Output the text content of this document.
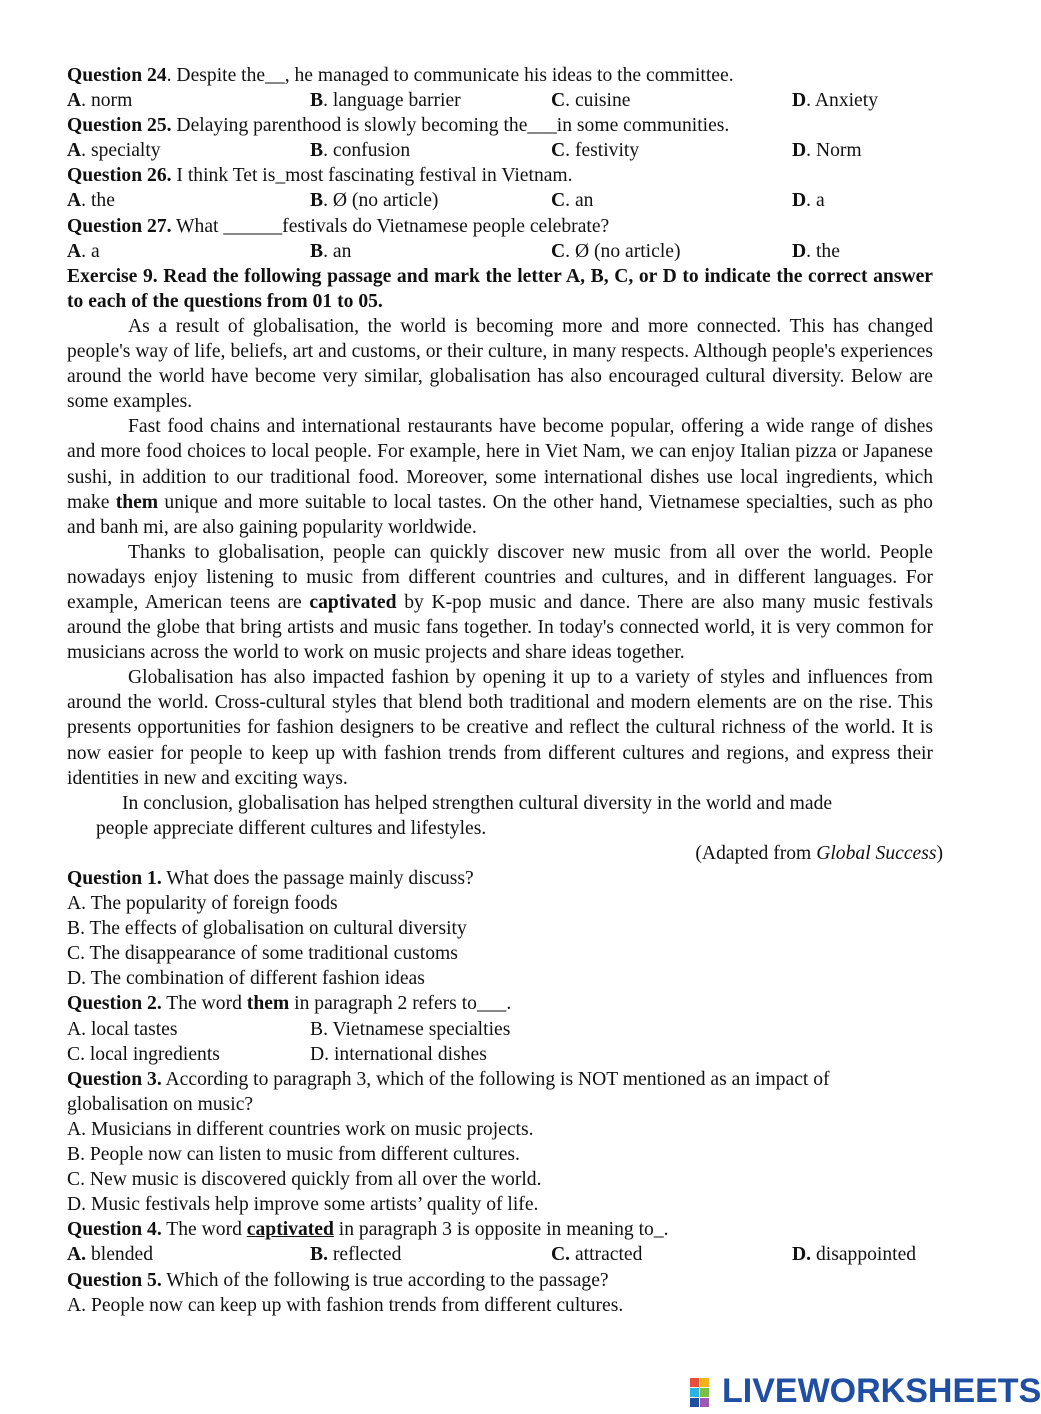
Question 24. Despite the__, he managed to communicate his ideas to the committee.
A. norm	B. language barrier	C. cuisine	D. Anxiety
Question 25. Delaying parenthood is slowly becoming the___in some communities.
A. specialty	B. confusion	C. festivity	D. Norm
Question 26. I think Tet is_most fascinating festival in Vietnam.
A. the	B. Ø (no article)	C. an	D. a
Question 27. What ______festivals do Vietnamese people celebrate?
A. a	B. an	C. Ø (no article)	D. the
Exercise 9. Read the following passage and mark the letter A, B, C, or D to indicate the correct answer to each of the questions from 01 to 05.

As a result of globalisation, the world is becoming more and more connected. This has changed people's way of life, beliefs, art and customs, or their culture, in many respects. Although people's experiences around the world have become very similar, globalisation has also encouraged cultural diversity. Below are some examples.

Fast food chains and international restaurants have become popular, offering a wide range of dishes and more food choices to local people. For example, here in Viet Nam, we can enjoy Italian pizza or Japanese sushi, in addition to our traditional food. Moreover, some international dishes use local ingredients, which make them unique and more suitable to local tastes. On the other hand, Vietnamese specialties, such as pho and banh mi, are also gaining popularity worldwide.

Thanks to globalisation, people can quickly discover new music from all over the world. People nowadays enjoy listening to music from different countries and cultures, and in different languages. For example, American teens are captivated by K-pop music and dance. There are also many music festivals around the globe that bring artists and music fans together. In today's connected world, it is very common for musicians across the world to work on music projects and share ideas together.

Globalisation has also impacted fashion by opening it up to a variety of styles and influences from around the world. Cross-cultural styles that blend both traditional and modern elements are on the rise. This presents opportunities for fashion designers to be creative and reflect the cultural richness of the world. It is now easier for people to keep up with fashion trends from different cultures and regions, and express their identities in new and exciting ways.

In conclusion, globalisation has helped strengthen cultural diversity in the world and made
people appreciate different cultures and lifestyles.
(Adapted from Global Success)
Question 1. What does the passage mainly discuss?
A. The popularity of foreign foods
B. The effects of globalisation on cultural diversity
C. The disappearance of some traditional customs
D. The combination of different fashion ideas
Question 2. The word them in paragraph 2 refers to___.
A. local tastes	B. Vietnamese specialties
C. local ingredients	D. international dishes
Question 3. According to paragraph 3, which of the following is NOT mentioned as an impact of
globalisation on music?
A. Musicians in different countries work on music projects.
B. People now can listen to music from different cultures.
C. New music is discovered quickly from all over the world.
D. Music festivals help improve some artists’ quality of life.
Question 4. The word captivated in paragraph 3 is opposite in meaning to_.
A. blended	B. reflected	C. attracted	D. disappointed
Question 5. Which of the following is true according to the passage?
A. People now can keep up with fashion trends from different cultures.
LIVEWORKSHEETS
